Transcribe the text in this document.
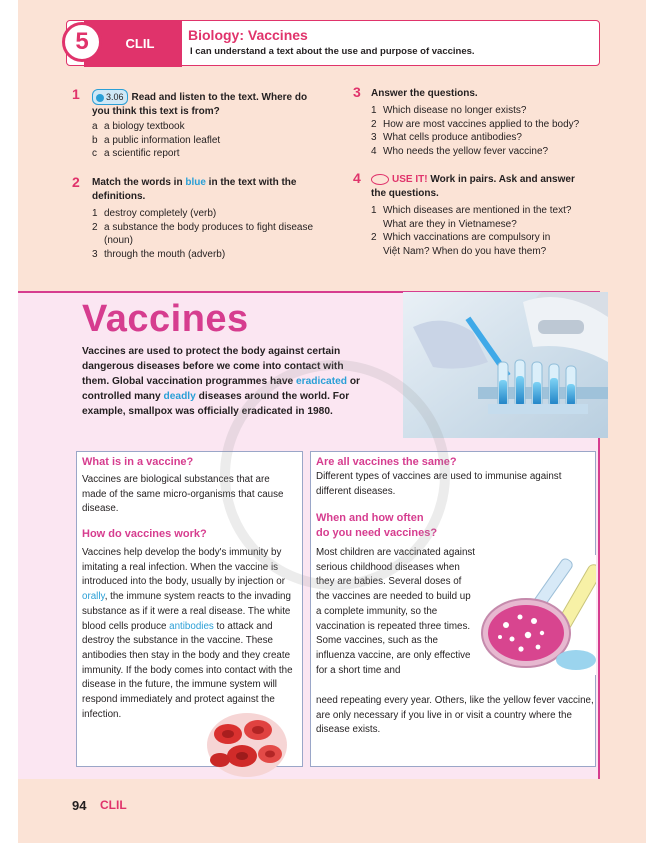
CLIL
5	Biology: Vaccines
I can understand a text about the use and purpose of vaccines.
1	3.06 Read and listen to the text. Where do
you think this text is from?
a a biology textbook
b a public information leaflet
c a scientific report
2 Match the words in blue in the text with the
definitions.
1 destroy completely (verb)
2 a substance the body produces to fight disease
(noun)
3 through the mouth (adverb)
3 Answer the questions.
1 Which disease no longer exists?
2 How are most vaccines applied to the body?
3 What cells produce antibodies?
4 Who needs the yellow fever vaccine?
4	USE IT! Work in pairs. Ask and answer
the questions.
1 Which diseases are mentioned in the text?
What are they in Vietnamese?
2 Which vaccinations are compulsory in
Việt Nam? When do you have them?
Vaccines
Vaccines are used to protect the body against certain dangerous diseases before we come into contact with them. Global vaccination programmes have eradicated or controlled many deadly diseases around the world. For example, smallpox was officially eradicated in 1980.
What is in a vaccine?
Vaccines are biological substances that are made of the same micro-organisms that cause disease.
How do vaccines work?
Vaccines help develop the body's immunity by imitating a real infection. When the vaccine is introduced into the body, usually by injection or orally, the immune system reacts to the invading substance as if it were a real disease. The white blood cells produce antibodies to attack and destroy the substance in the vaccine. These antibodies then stay in the body and they create immunity. If the body comes into contact with the disease in the future, the immune system will respond immediately and protect against the infection.
Are all vaccines the same?
Different types of vaccines are used to immunise against different diseases.
When and how often
do you need vaccines?
Most children are vaccinated against serious childhood diseases when they are babies. Several doses of the vaccines are needed to build up a complete immunity, so the vaccination is repeated three times. Some vaccines, such as the influenza vaccine, are only effective for a short time and
need repeating every year. Others, like the yellow fever vaccine, are only necessary if you live in or visit a country where the disease exists.
94 CLIL
